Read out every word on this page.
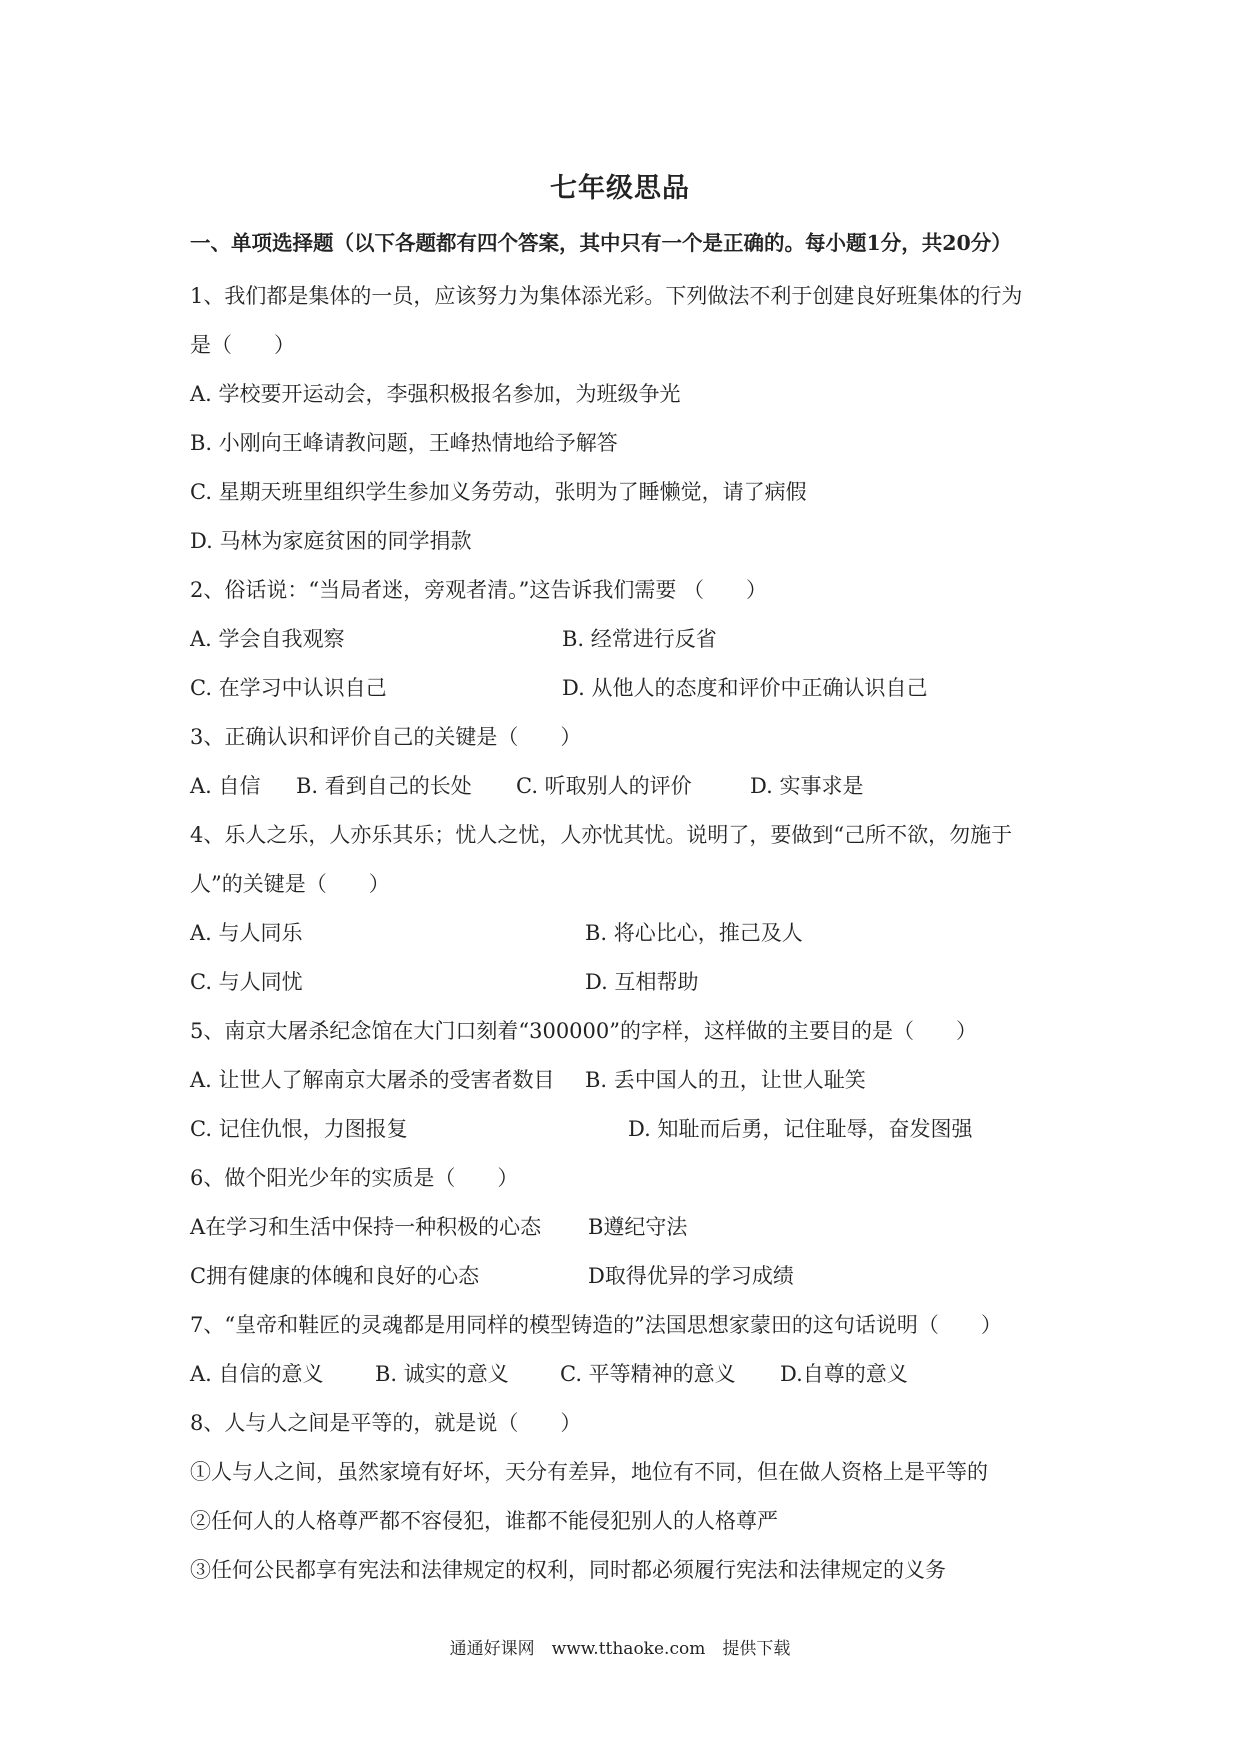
七年级思品
一、单项选择题（以下各题都有四个答案，其中只有一个是正确的。每小题1分，共20分）
1、我们都是集体的一员，应该努力为集体添光彩。下列做法不利于创建良好班集体的行为
是（　　）
A. 学校要开运动会，李强积极报名参加，为班级争光
B. 小刚向王峰请教问题，王峰热情地给予解答
C. 星期天班里组织学生参加义务劳动，张明为了睡懒觉，请了病假
D. 马林为家庭贫困的同学捐款
2、俗话说：“当局者迷，旁观者清。”这告诉我们需要 （　　）
A. 学会自我观察	B. 经常进行反省
C. 在学习中认识自己	D. 从他人的态度和评价中正确认识自己
3、正确认识和评价自己的关键是（　　）
A. 自信 B. 看到自己的长处 C. 听取别人的评价	D. 实事求是
4、乐人之乐，人亦乐其乐；忧人之忧，人亦忧其忧。说明了，要做到“己所不欲，勿施于
人”的关键是（　　）
A. 与人同乐	B. 将心比心，推己及人
C. 与人同忧	D. 互相帮助
5、南京大屠杀纪念馆在大门口刻着“300000”的字样，这样做的主要目的是（　　）
A. 让世人了解南京大屠杀的受害者数目 B. 丢中国人的丑，让世人耻笑
C. 记住仇恨，力图报复	D. 知耻而后勇，记住耻辱，奋发图强
6、做个阳光少年的实质是（　　）
A在学习和生活中保持一种积极的心态 B遵纪守法
C拥有健康的体魄和良好的心态	D取得优异的学习成绩
7、“皇帝和鞋匠的灵魂都是用同样的模型铸造的”法国思想家蒙田的这句话说明（　　）
A. 自信的意义 B. 诚实的意义 C. 平等精神的意义 D.自尊的意义
8、人与人之间是平等的，就是说（　　）
①人与人之间，虽然家境有好坏，天分有差异，地位有不同，但在做人资格上是平等的
②任何人的人格尊严都不容侵犯，谁都不能侵犯别人的人格尊严
③任何公民都享有宪法和法律规定的权利，同时都必须履行宪法和法律规定的义务
通通好课网　www.tthaoke.com　提供下载
